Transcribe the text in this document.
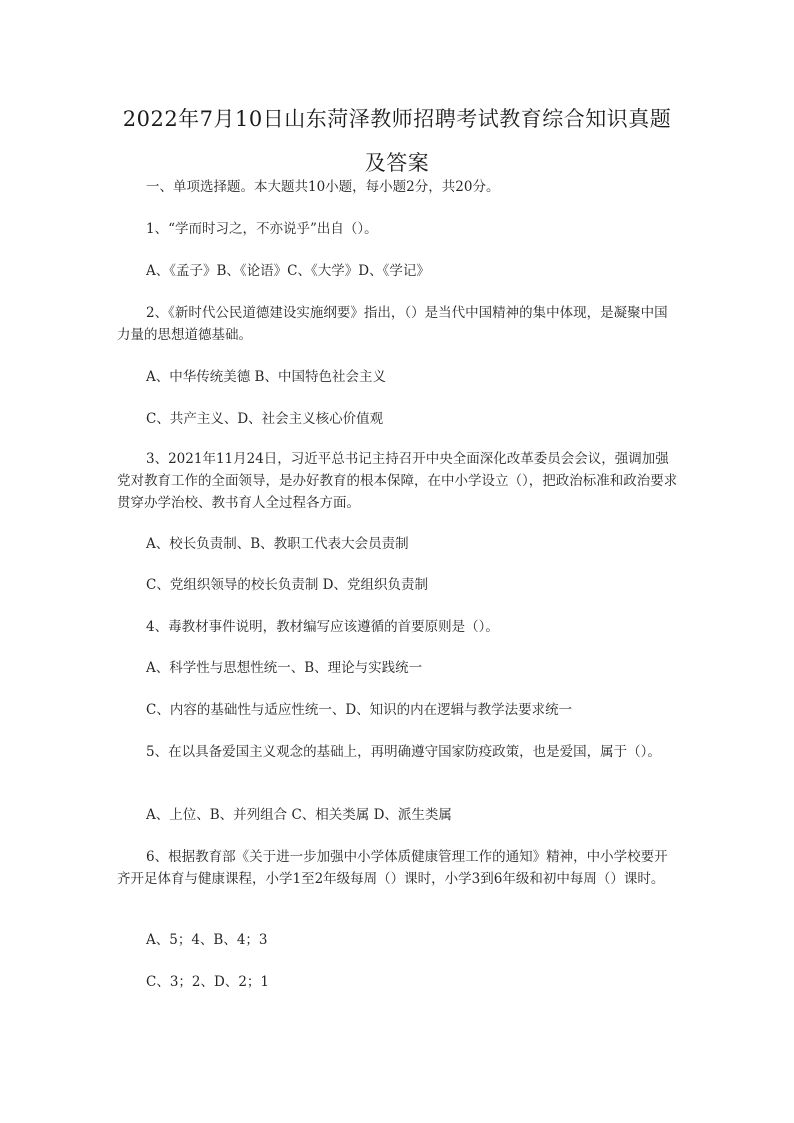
2022年7月10日山东菏泽教师招聘考试教育综合知识真题
及答案
一、单项选择题。本大题共10小题，每小题2分，共20分。
1、“学而时习之，不亦说乎”出自（）。
A、《孟子》B、《论语》C、《大学》D、《学记》
2、《新时代公民道德建设实施纲要》指出，（）是当代中国精神的集中体现，是凝聚中国力量的思想道德基础。
A、中华传统美德 B、中国特色社会主义
C、共产主义、D、社会主义核心价值观
3、2021年11月24日，习近平总书记主持召开中央全面深化改革委员会会议，强调加强党对教育工作的全面领导，是办好教育的根本保障，在中小学设立（），把政治标准和政治要求贯穿办学治校、教书育人全过程各方面。
A、校长负责制、B、教职工代表大会员责制
C、党组织领导的校长负责制 D、党组织负责制
4、毒教材事件说明，教材编写应该遵循的首要原则是（）。
A、科学性与思想性统一、B、理论与实践统一
C、内容的基础性与适应性统一、D、知识的内在逻辑与教学法要求统一
5、在以具备爱国主义观念的基础上，再明确遵守国家防疫政策，也是爱国，属于（）。
A、上位、B、并列组合 C、相关类属 D、派生类属
6、根据教育部《关于进一步加强中小学体质健康管理工作的通知》精神，中小学校要开齐开足体育与健康课程，小学1至2年级每周（）课时，小学3到6年级和初中每周（）课时。
A、5；4、B、4；3
C、3；2、D、2；1
